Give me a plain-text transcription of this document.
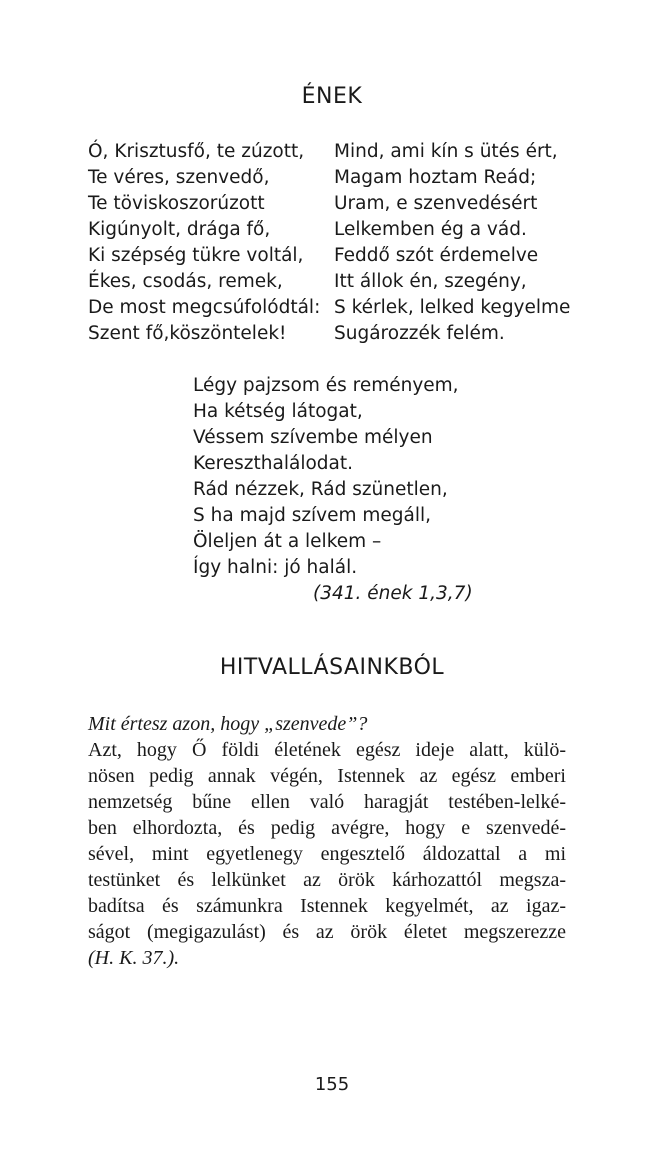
ÉNEK
Ó, Krisztusfő, te zúzott,
Te véres, szenvedő,
Te töviskoszorúzott
Kigúnyolt, drága fő,
Ki szépség tükre voltál,
Ékes, csodás, remek,
De most megcsúfolódtál:
Szent fő,köszöntelek!
Mind, ami kín s ütés ért,
Magam hoztam Reád;
Uram, e szenvedésért
Lelkemben ég a vád.
Feddő szót érdemelve
Itt állok én, szegény,
S kérlek, lelked kegyelme
Sugározzék felém.
Légy pajzsom és reményem,
Ha kétség látogat,
Véssem szívembe mélyen
Kereszthalálodat.
Rád nézzek, Rád szünetlen,
S ha majd szívem megáll,
Öleljen át a lelkem –
Így halni: jó halál.
(341. ének 1,3,7)
HITVALLÁSAINKBÓL
Mit értesz azon, hogy „szenvede”?
Azt, hogy Ő földi életének egész ideje alatt, külö-
nösen pedig annak végén, Istennek az egész emberi
nemzetség bűne ellen való haragját testében-lelké-
ben elhordozta, és pedig avégre, hogy e szenvedé-
sével, mint egyetlenegy engesztelő áldozattal a mi
testünket és lelkünket az örök kárhozattól megsza-
badítsa és számunkra Istennek kegyelmét, az igaz-
ságot (megigazulást) és az örök életet megszerezze
(H. K. 37.).
155
